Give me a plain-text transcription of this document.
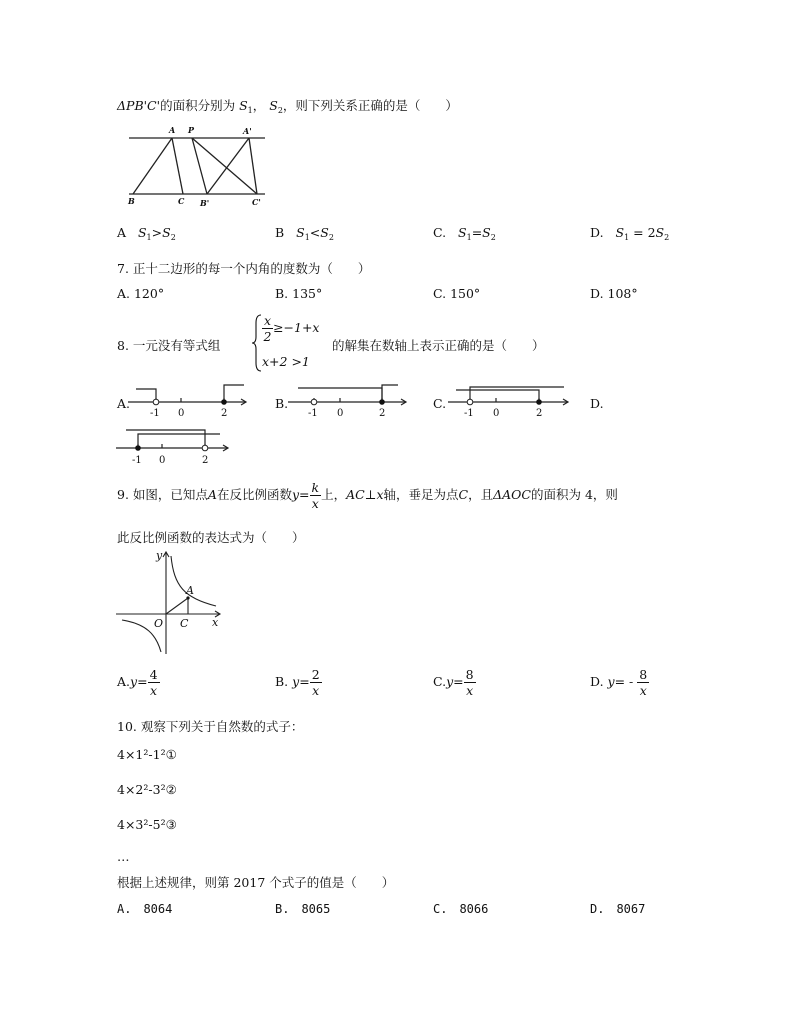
ΔPB'C'的面积分别为 $S_1$， $S_2$，则下列关系正确的是（　　）
A P	A'
B	C B'	C'
A $S_1>S_2$	B $S_1<S_2$	C. $S_1=S_2$	D. $S_1 = 2S_2$
7. 正十二边形的每一个内角的度数为（　　）
A. 120°	B. 135°	C. 150°	D. 108°
8. 一元没有等式组
$\frac{x}{2} \ge-1+x$
x+2 >1
的解集在数轴上表示正确的是（　　）
A.
-1 0	2
B.
-1 0	2
C.
-1 0	2
D.
-1 0	2
9. 如图，已知点A在反比例函数$y= \frac{k}{x}$ 上，AC⊥x轴，垂足为点C，且ΔAOC的面积为 4，则
此反比例函数的表达式为（　　）
y
A
O C x
$A.y= \frac{4}{x}$	B. $y= \frac{2}{x}$	$C.y= \frac{8}{x}$	D. $y= - \frac{8}{x}$
10. 观察下列关于自然数的式子：
4×1²-1²①
4×2²-3²②
4×3²-5²③
…
根据上述规律，则第 2017 个式子的值是（　　）
A.　8064	B.　8065	C.　8066	D.　8067
